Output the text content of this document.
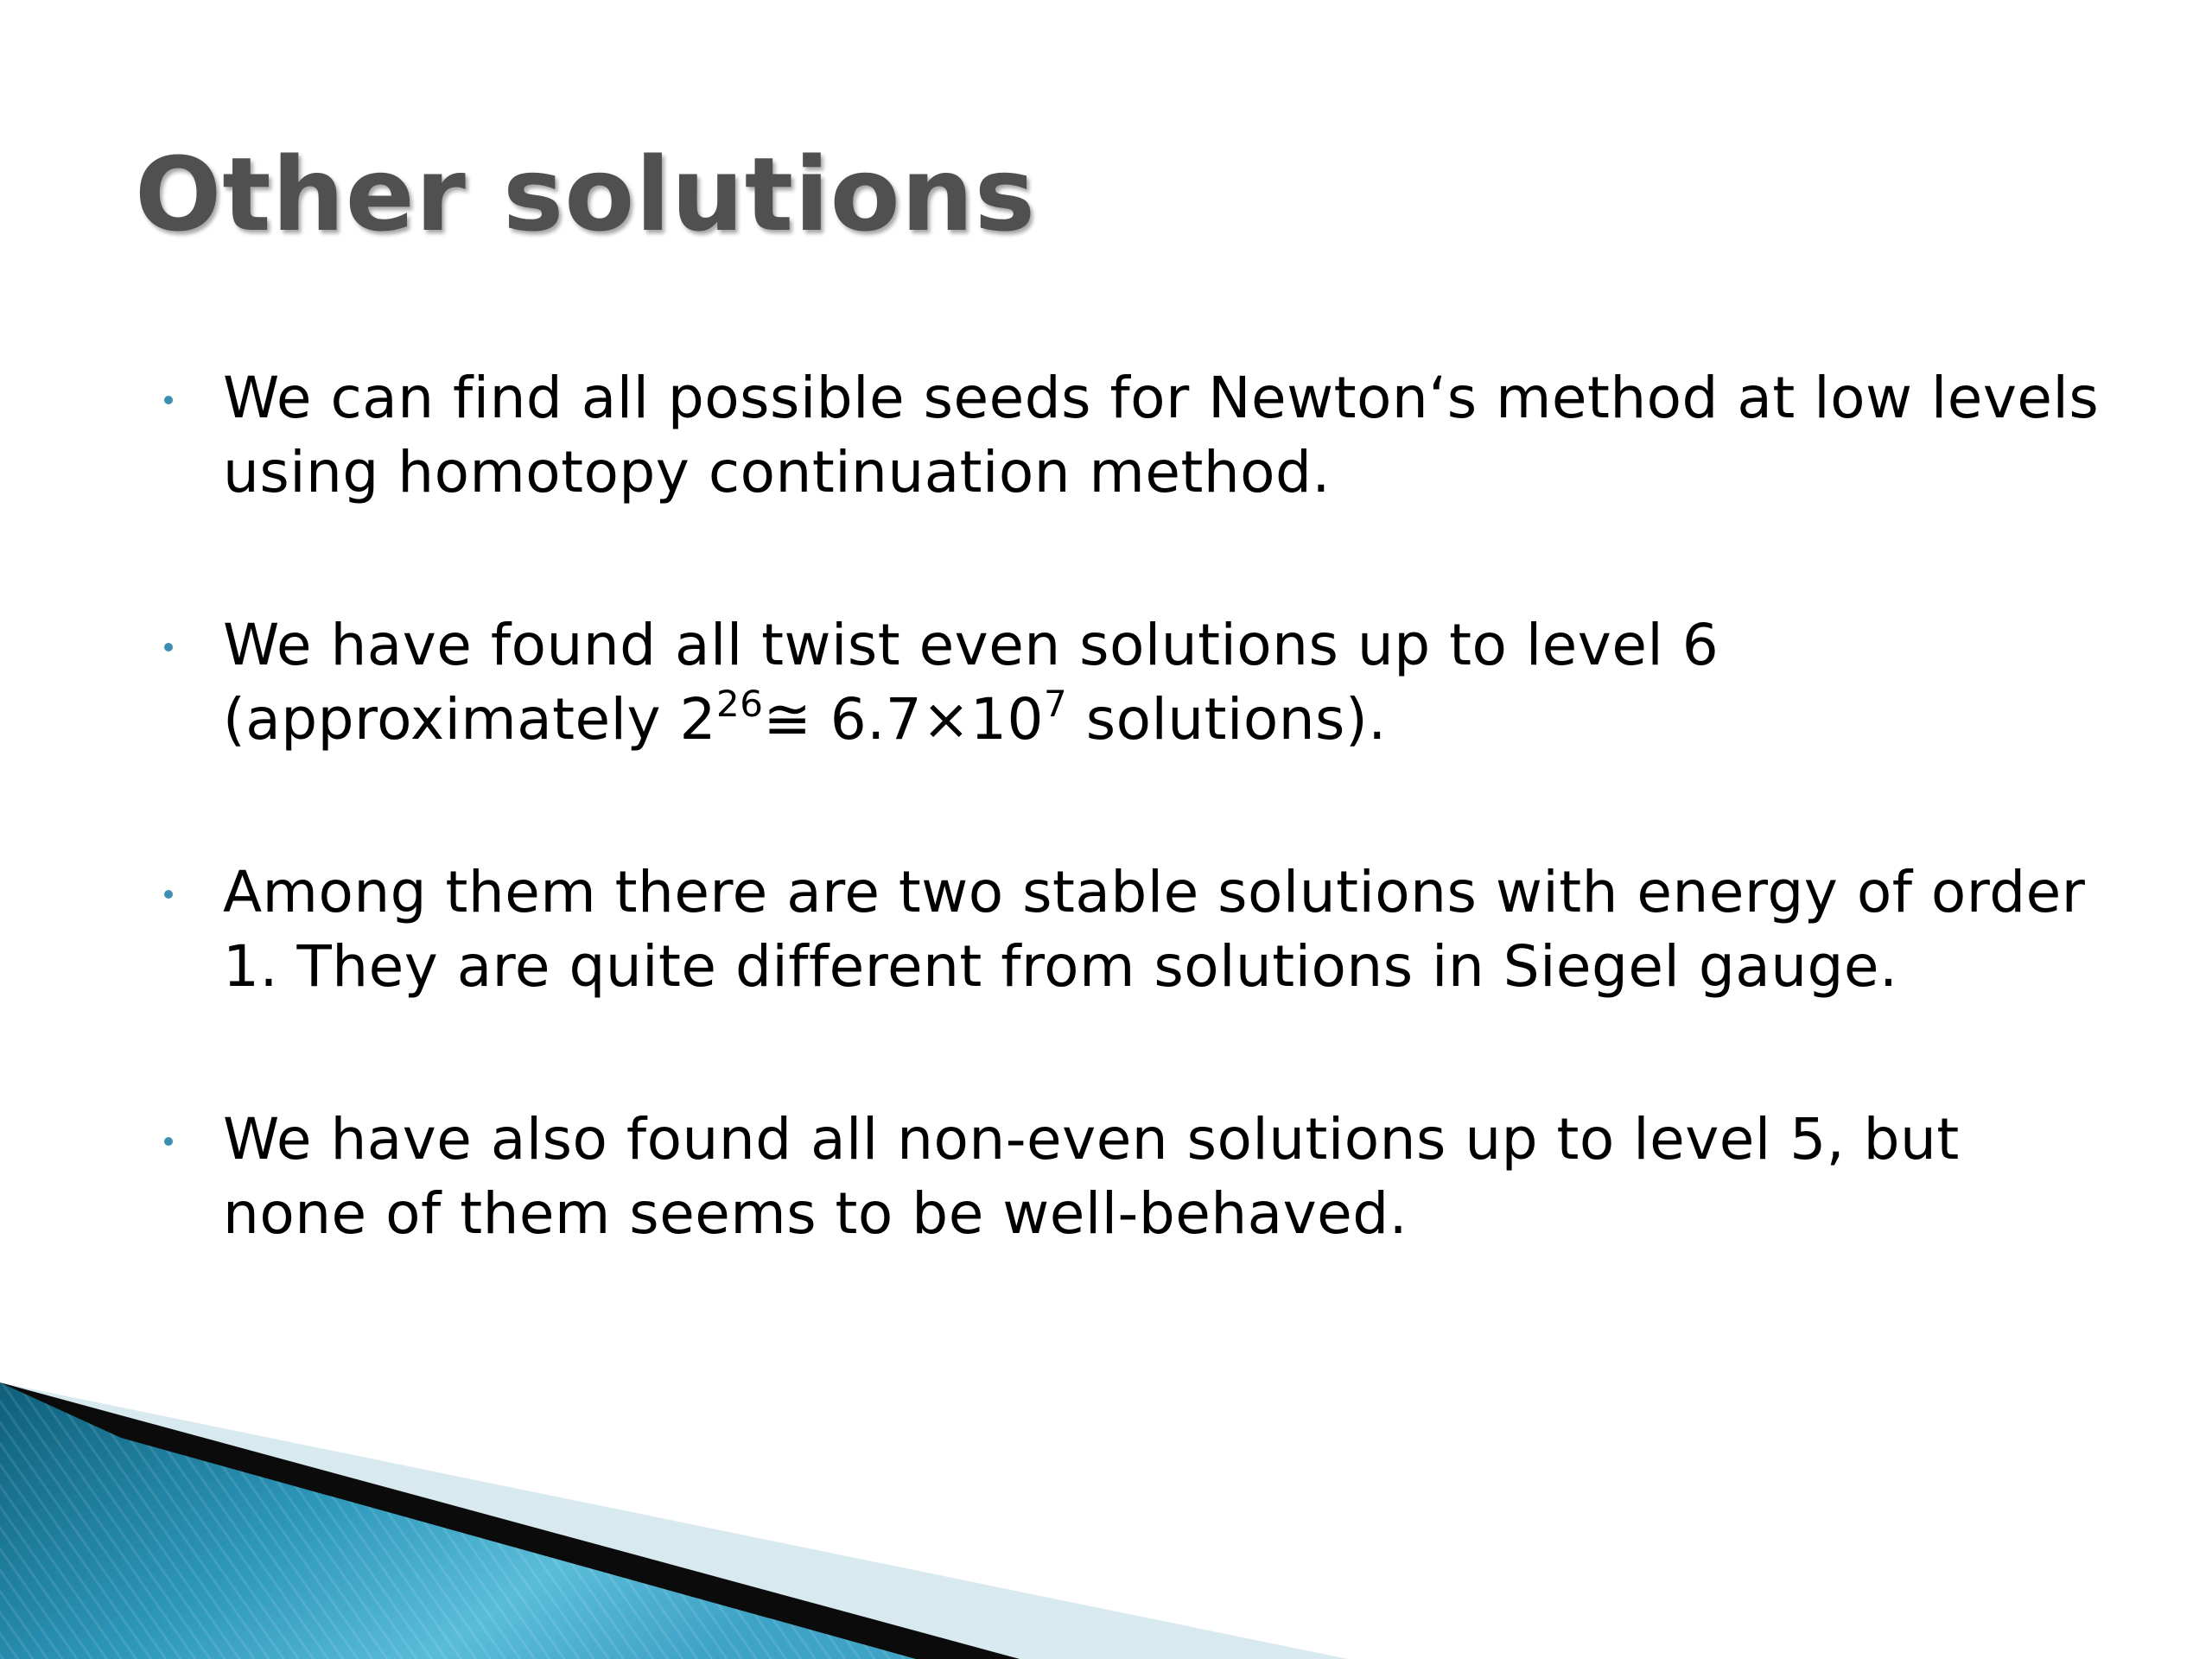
Other solutions
We can find all possible seeds for Newton‘s method at low levels using homotopy continuation method.
We have found all twist even solutions up to level 6 (approximately $2^{26}≅$ $6.7\times 10^7$ solutions).
Among them there are two stable solutions with energy of order 1. They are quite different from solutions in Siegel gauge.
We have also found all non-even solutions up to level 5, but none of them seems to be well-behaved.
